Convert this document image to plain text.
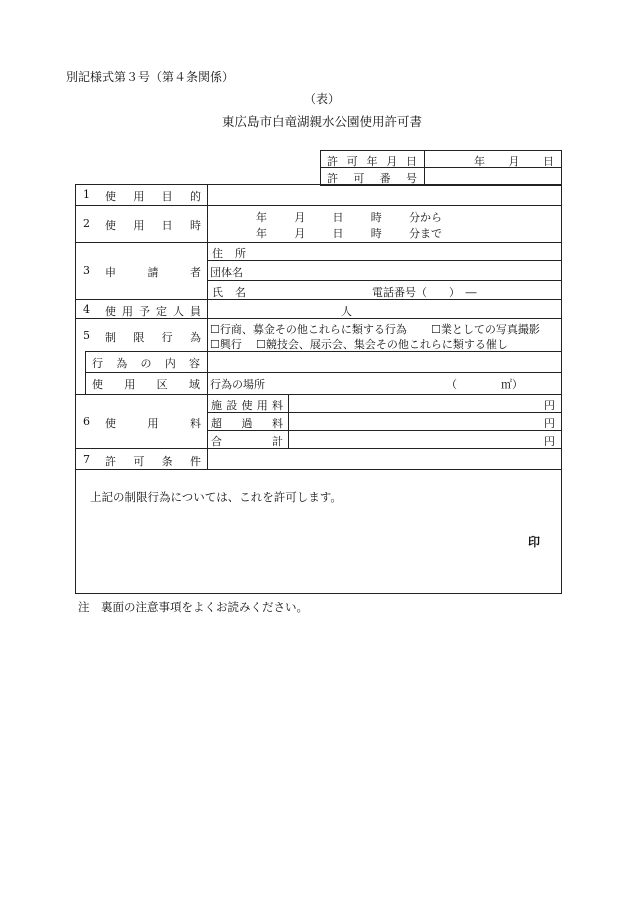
別記様式第３号（第４条関係）
（表）
東広島市白竜湖親水公園使用許可書
許 可 年 月 日	年 月 日
許 可 番 号
1 使 用 目 的
2 使 用 日 時
年 月 日 時 分から
年 月 日 時 分まで
3 申	請	者
住 所
団体名
氏 名	電話番号（　　）　―
4 使 用 予 定 人 員	人
5 制 限 行 為
☐行商、募金その他これらに類する行為 ☐業としての写真撮影
☐興行 ☐競技会、展示会、集会その他これらに類する催し
行 為 の 内 容
使 用 区 域 行為の場所	（　　　　㎡）
6 使	用	料
施 設 使 用 料	円
超 過 料	円
合	計	円
7 許 可 条 件
上記の制限行為については、これを許可します。
印
注　裏面の注意事項をよくお読みください。
